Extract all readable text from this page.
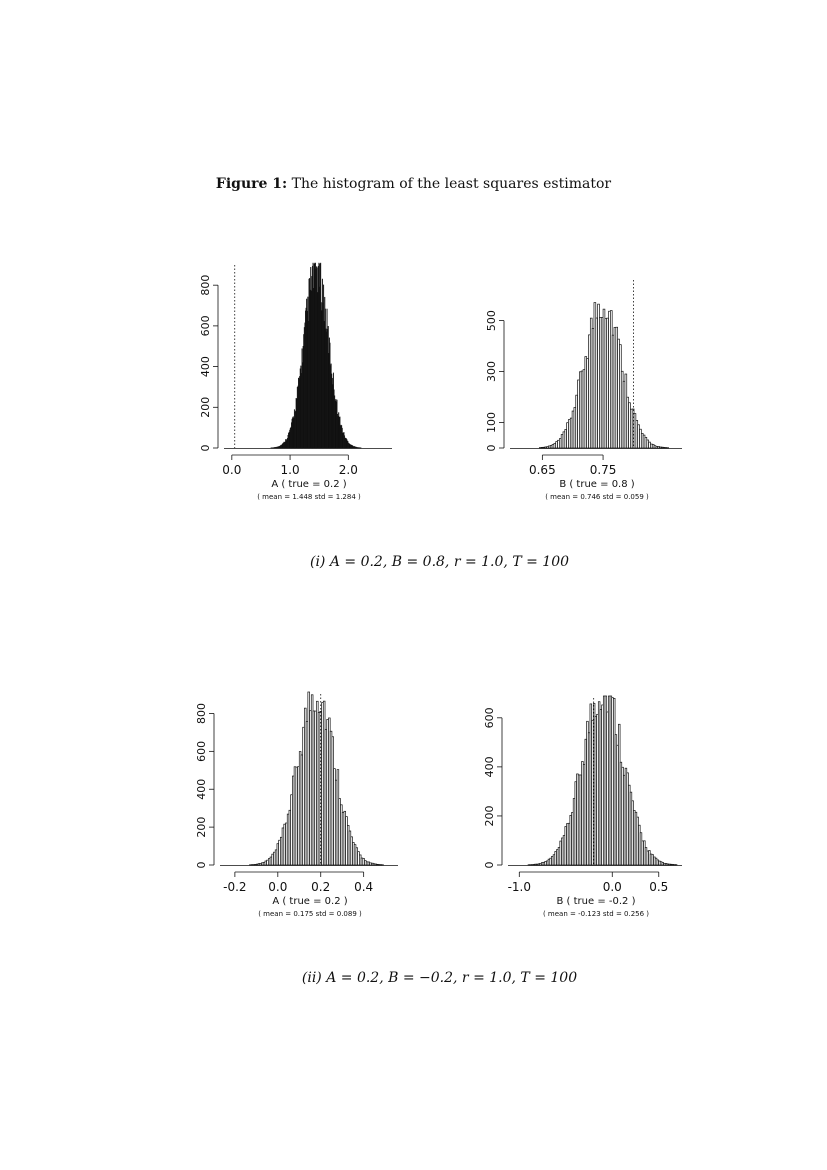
Figure 1: The histogram of the least squares estimator
0
200
400
600
800
0.0	1.0	2.0
A ( true = 0.2 )
( mean = 1.448 std = 1.284 )
0
100
300
500
0.65	0.75
B ( true = 0.8 )
( mean = 0.746 std = 0.059 )
(i) A = 0.2, B = 0.8, r = 1.0, T = 100
0
200
400
600
800
-0.2 0.0 0.2 0.4
A ( true = 0.2 )
( mean = 0.175 std = 0.089 )
0
200
400
600
-1.0	0.0 0.5
B ( true = -0.2 )
( mean = -0.123 std = 0.256 )
(ii) A = 0.2, B = −0.2, r = 1.0, T = 100
